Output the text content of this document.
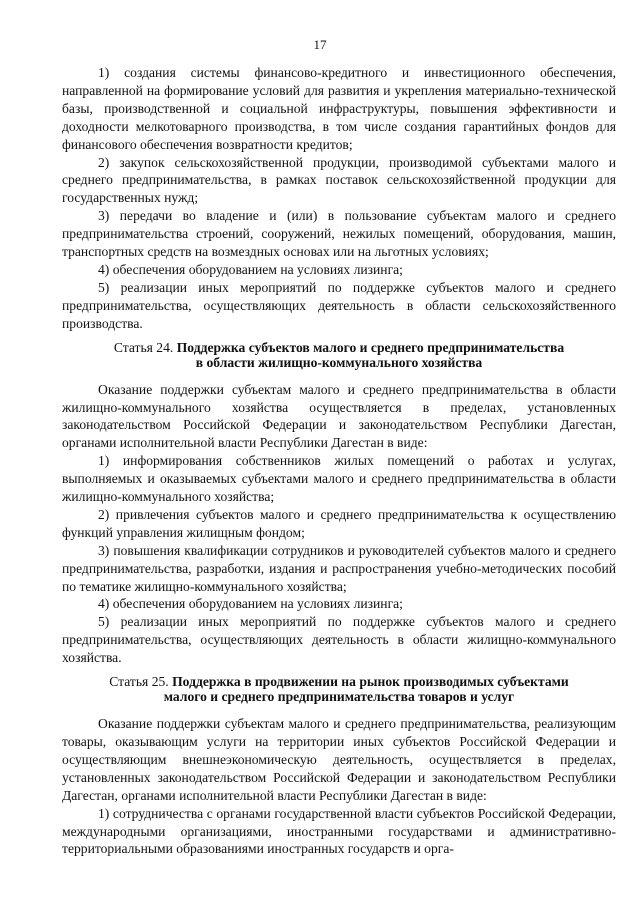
17

1) создания системы финансово-кредитного и инвестиционного обеспечения, направленной на формирование условий для развития и укрепления материально-технической базы, производственной и социальной инфраструктуры, повышения эффективности и доходности мелкотоварного производства, в том числе создания гарантийных фондов для финансового обеспечения возвратности кредитов;

2) закупок сельскохозяйственной продукции, производимой субъектами малого и среднего предпринимательства, в рамках поставок сельскохозяйственной продукции для государственных нужд;

3) передачи во владение и (или) в пользование субъектам малого и среднего предпринимательства строений, сооружений, нежилых помещений, оборудования, машин, транспортных средств на возмездных основах или на льготных условиях;

4) обеспечения оборудованием на условиях лизинга;

5) реализации иных мероприятий по поддержке субъектов малого и среднего предпринимательства, осуществляющих деятельность в области сельскохозяйственного производства.

Статья 24. Поддержка субъектов малого и среднего предпринимательства
в области жилищно-коммунального хозяйства

Оказание поддержки субъектам малого и среднего предпринимательства в области жилищно-коммунального хозяйства осуществляется в пределах, установленных законодательством Российской Федерации и законодательством Республики Дагестан, органами исполнительной власти Республики Дагестан в виде:

1) информирования собственников жилых помещений о работах и услугах, выполняемых и оказываемых субъектами малого и среднего предпринимательства в области жилищно-коммунального хозяйства;

2) привлечения субъектов малого и среднего предпринимательства к осуществлению функций управления жилищным фондом;

3) повышения квалификации сотрудников и руководителей субъектов малого и среднего предпринимательства, разработки, издания и распространения учебно-методических пособий по тематике жилищно-коммунального хозяйства;

4) обеспечения оборудованием на условиях лизинга;

5) реализации иных мероприятий по поддержке субъектов малого и среднего предпринимательства, осуществляющих деятельность в области жилищно-коммунального хозяйства.

Статья 25. Поддержка в продвижении на рынок производимых субъектами
малого и среднего предпринимательства товаров и услуг

Оказание поддержки субъектам малого и среднего предпринимательства, реализующим товары, оказывающим услуги на территории иных субъектов Российской Федерации и осуществляющим внешнеэкономическую деятельность, осуществляется в пределах, установленных законодательством Российской Федерации и законодательством Республики Дагестан, органами исполнительной власти Республики Дагестан в виде:

1) сотрудничества с органами государственной власти субъектов Российской Федерации, международными организациями, иностранными государствами и административно-территориальными образованиями иностранных государств и орга-
